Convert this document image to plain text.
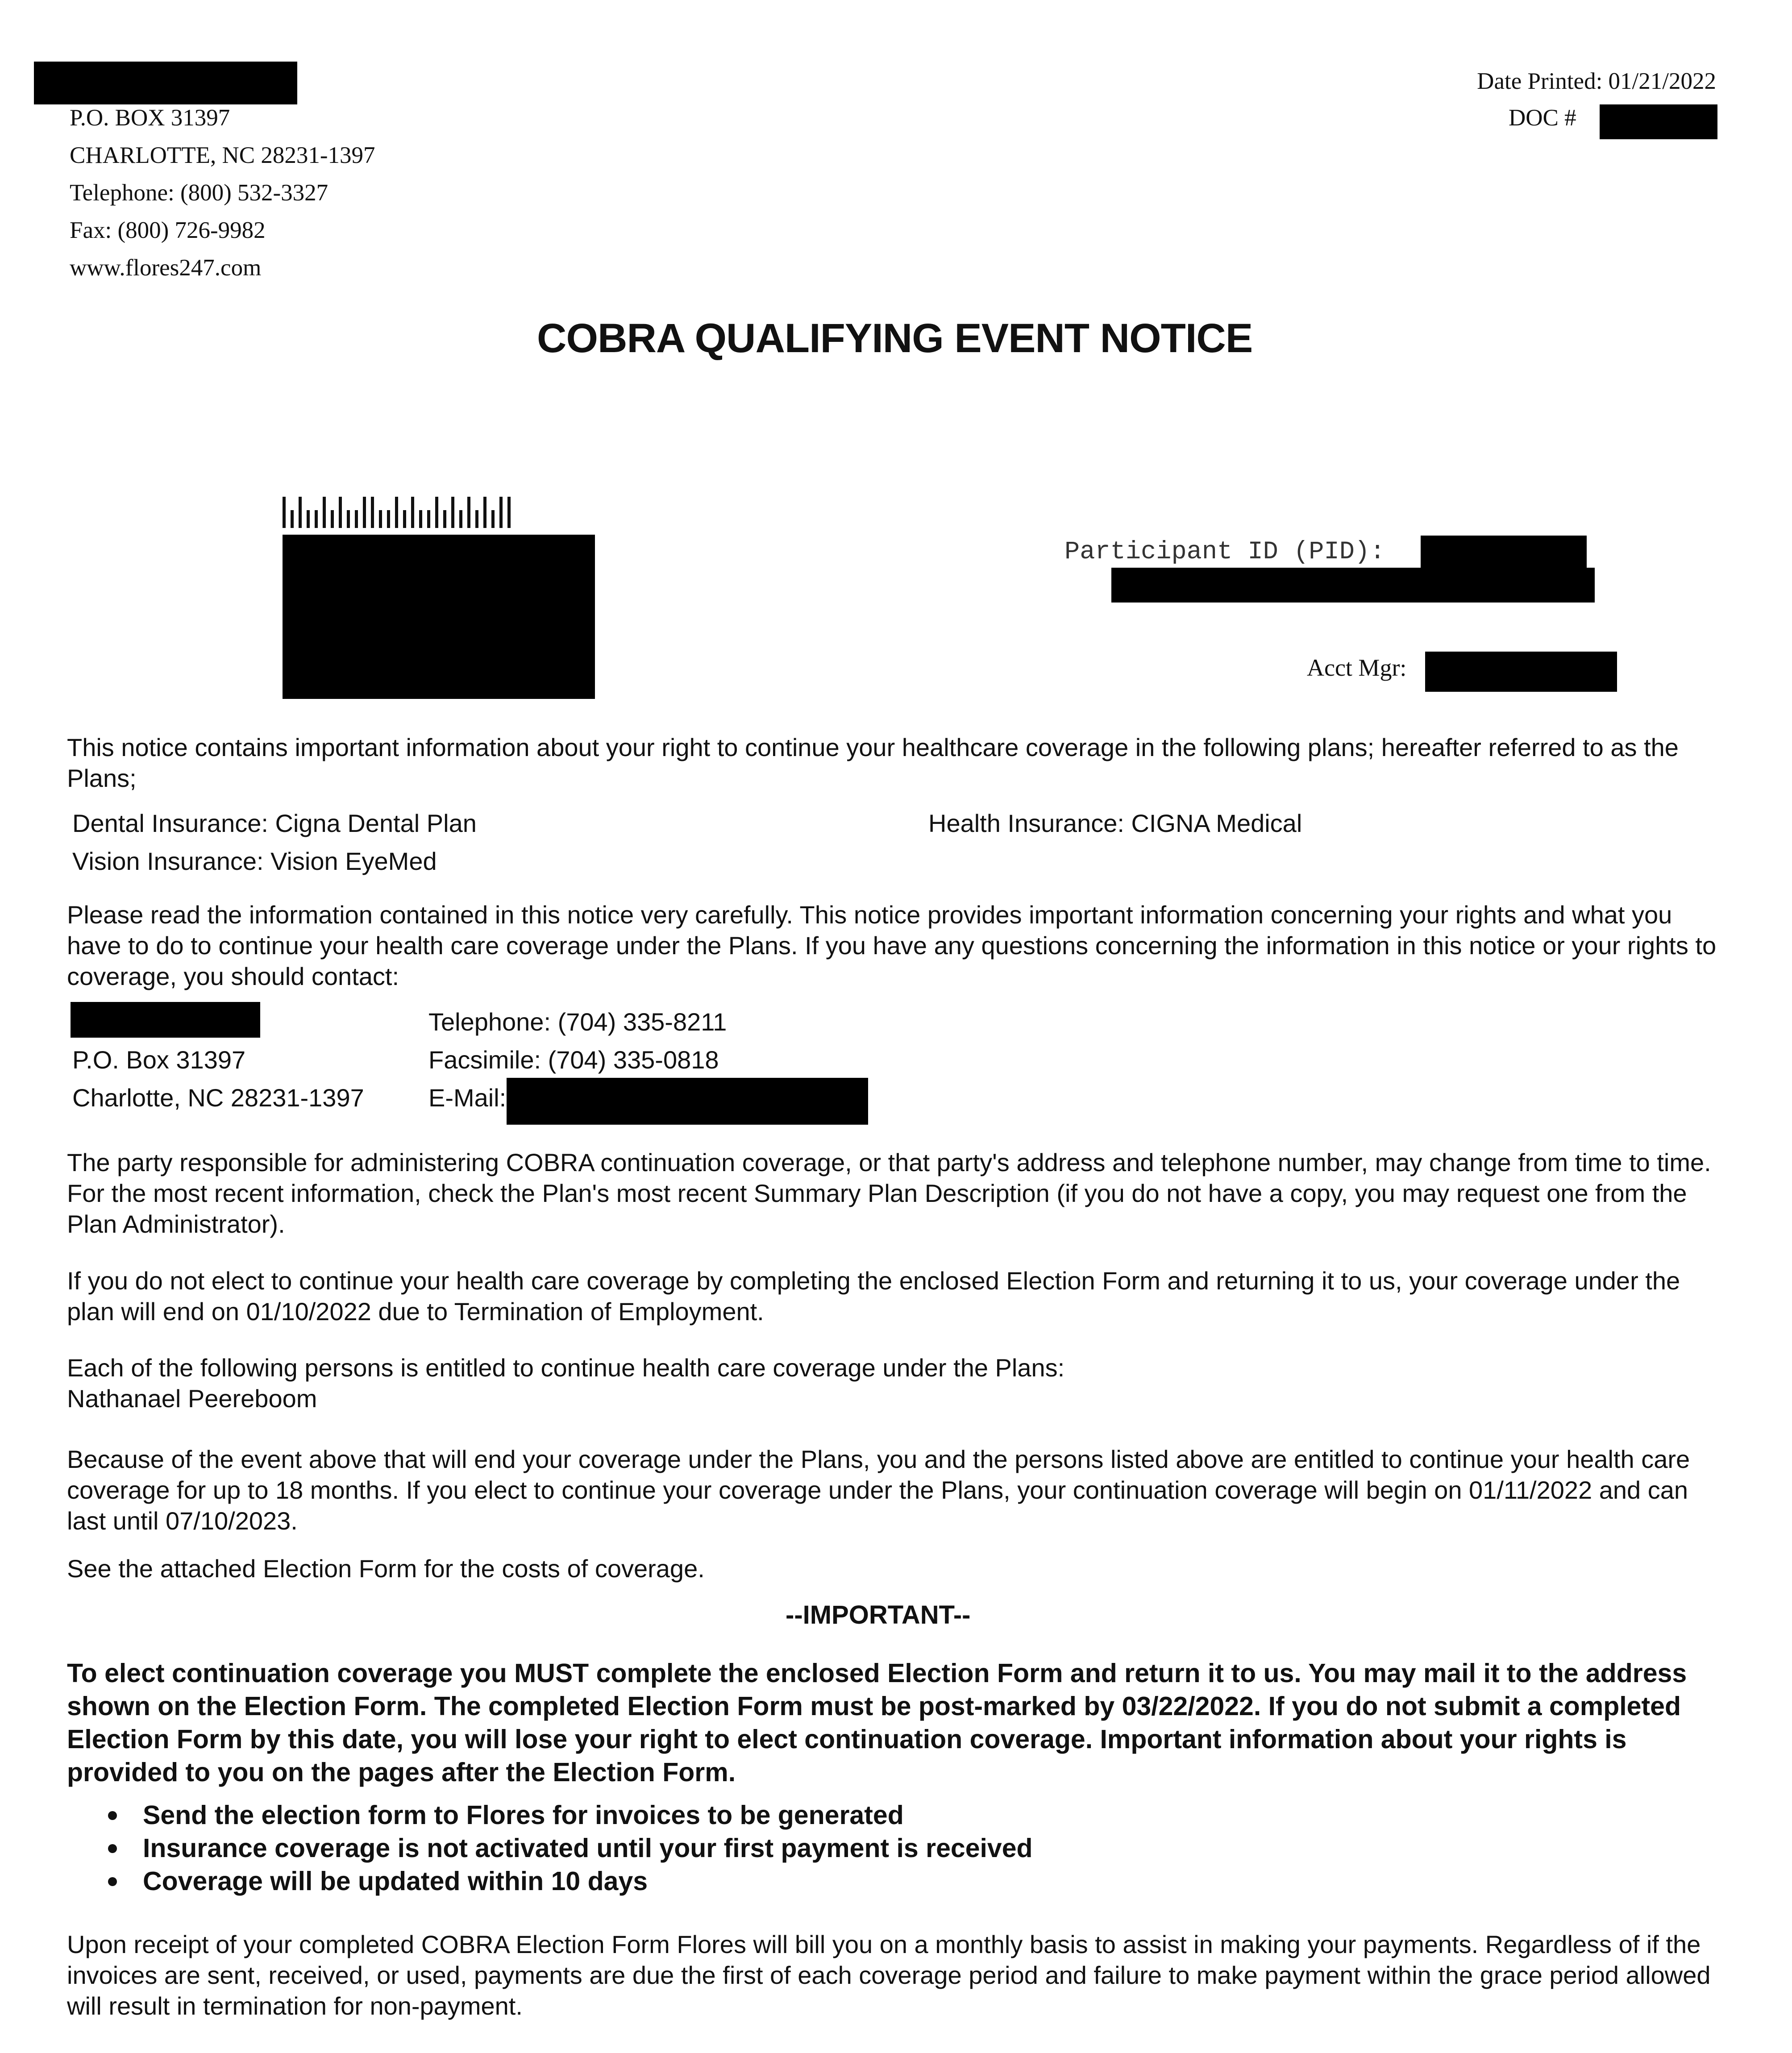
P.O. BOX 31397
CHARLOTTE, NC 28231-1397
Telephone: (800) 532-3327
Fax: (800) 726-9982
www.flores247.com
Date Printed: 01/21/2022
DOC #
COBRA QUALIFYING EVENT NOTICE
Participant ID (PID):
Acct Mgr:

This notice contains important information about your right to continue your healthcare coverage in the following plans; hereafter referred to as the Plans;

Dental Insurance: Cigna Dental Plan	Health Insurance: CIGNA Medical
Vision Insurance: Vision EyeMed

Please read the information contained in this notice very carefully. This notice provides important information concerning your rights and what you have to do to continue your health care coverage under the Plans. If you have any questions concerning the information in this notice or your rights to coverage, you should contact:

P.O. Box 31397
Charlotte, NC 28231-1397
Telephone: (704) 335-8211
Facsimile: (704) 335-0818
E-Mail:

The party responsible for administering COBRA continuation coverage, or that party's address and telephone number, may change from time to time. For the most recent information, check the Plan's most recent Summary Plan Description (if you do not have a copy, you may request one from the Plan Administrator).

If you do not elect to continue your health care coverage by completing the enclosed Election Form and returning it to us, your coverage under the plan will end on 01/10/2022 due to Termination of Employment.

Each of the following persons is entitled to continue health care coverage under the Plans:

Nathanael Peereboom

Because of the event above that will end your coverage under the Plans, you and the persons listed above are entitled to continue your health care coverage for up to 18 months. If you elect to continue your coverage under the Plans, your continuation coverage will begin on 01/11/2022 and can last until 07/10/2023.

See the attached Election Form for the costs of coverage.

--IMPORTANT--

To elect continuation coverage you MUST complete the enclosed Election Form and return it to us. You may mail it to the address shown on the Election Form. The completed Election Form must be post-marked by 03/22/2022. If you do not submit a completed Election Form by this date, you will lose your right to elect continuation coverage. Important information about your rights is provided to you on the pages after the Election Form.

Send the election form to Flores for invoices to be generated
Insurance coverage is not activated until your first payment is received
Coverage will be updated within 10 days

Upon receipt of your completed COBRA Election Form Flores will bill you on a monthly basis to assist in making your payments. Regardless of if the invoices are sent, received, or used, payments are due the first of each coverage period and failure to make payment within the grace period allowed will result in termination for non-payment.
